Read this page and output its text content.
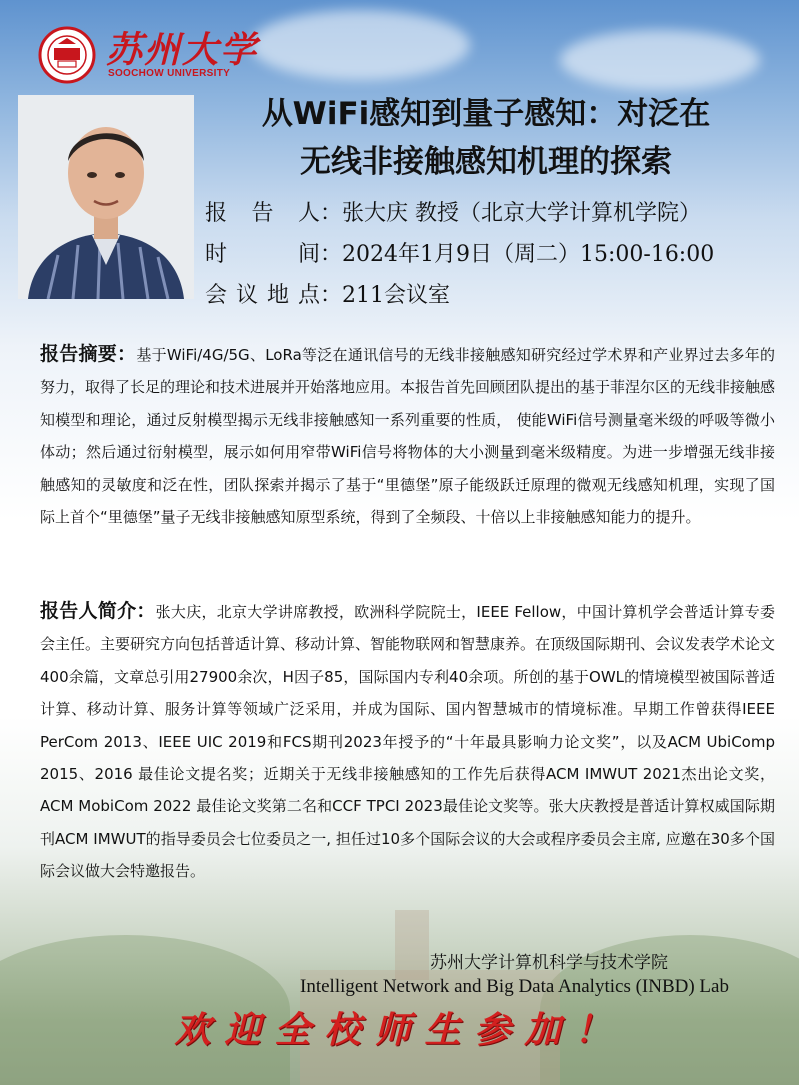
苏州大学
SOOCHOW UNIVERSITY
从WiFi感知到量子感知：对泛在
无线非接触感知机理的探索
报 告 人：张大庆 教授（北京大学计算机学院）
时 间：2024年1月9日（周二）15:00-16:00
会议地点：211会议室
报告摘要：基于WiFi/4G/5G、LoRa等泛在通讯信号的无线非接触感知研究经过学术界和产业界过去多年的努力，取得了长足的理论和技术进展并开始落地应用。本报告首先回顾团队提出的基于菲涅尔区的无线非接触感知模型和理论，通过反射模型揭示无线非接触感知一系列重要的性质， 使能WiFi信号测量毫米级的呼吸等微小体动；然后通过衍射模型，展示如何用窄带WiFi信号将物体的大小测量到毫米级精度。为进一步增强无线非接触感知的灵敏度和泛在性，团队探索并揭示了基于“里德堡”原子能级跃迁原理的微观无线感知机理，实现了国际上首个“里德堡”量子无线非接触感知原型系统，得到了全频段、十倍以上非接触感知能力的提升。
报告人简介：张大庆，北京大学讲席教授，欧洲科学院院士，IEEE Fellow，中国计算机学会普适计算专委会主任。主要研究方向包括普适计算、移动计算、智能物联网和智慧康养。在顶级国际期刊、会议发表学术论文 400余篇，文章总引用27900余次，H因子85，国际国内专利40余项。所创的基于OWL的情境模型被国际普适计算、移动计算、服务计算等领域广泛采用，并成为国际、国内智慧城市的情境标准。早期工作曾获得IEEE PerCom 2013、IEEE UIC 2019和FCS期刊2023年授予的“十年最具影响力论文奖”，以及ACM UbiComp 2015、2016 最佳论文提名奖；近期关于无线非接触感知的工作先后获得ACM IMWUT 2021杰出论文奖，ACM MobiCom 2022 最佳论文奖第二名和CCF TPCI 2023最佳论文奖等。张大庆教授是普适计算权威国际期刊ACM IMWUT的指导委员会七位委员之一, 担任过10多个国际会议的大会或程序委员会主席, 应邀在30多个国际会议做大会特邀报告。
苏州大学计算机科学与技术学院
Intelligent Network and Big Data Analytics (INBD) Lab
欢迎全校师生参加！
